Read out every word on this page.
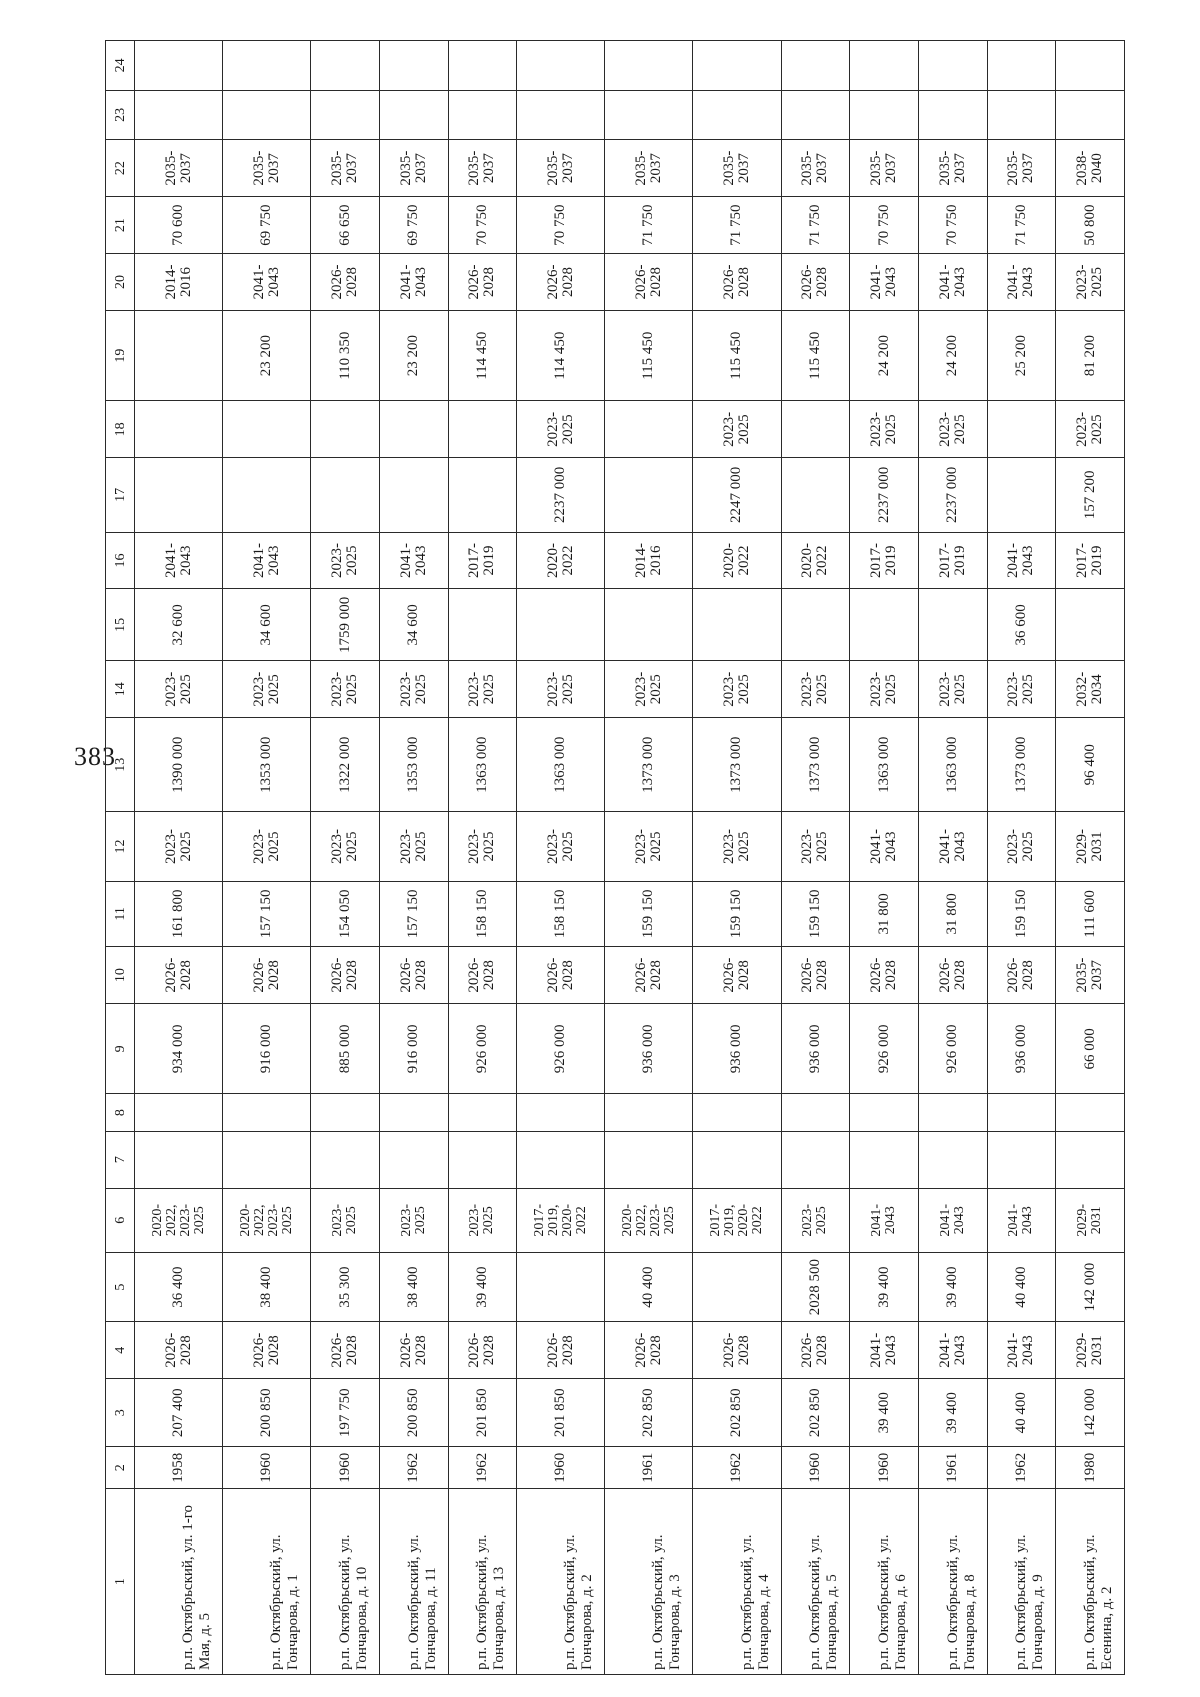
383
1	2	3	4	5	6	7	8	9	10	11	12	13	14	15	16	17	18	19	20	21	22	23	24
р.п. Октябрьский, ул. 1-го Мая, д. 5	1958	207 400	2026-2028	36 400	2020-2022, 2023-2025			934 000	2026-2028	161 800	2023-2025	1390 000	2023-2025	32 600	2041-2043				2014-2016	70 600	2035-2037		
р.п. Октябрьский, ул. Гончарова, д. 1	1960	200 850	2026-2028	38 400	2020-2022, 2023-2025			916 000	2026-2028	157 150	2023-2025	1353 000	2023-2025	34 600	2041-2043			23 200	2041-2043	69 750	2035-2037		
р.п. Октябрьский, ул. Гончарова, д. 10	1960	197 750	2026-2028	35 300	2023-2025			885 000	2026-2028	154 050	2023-2025	1322 000	2023-2025	1759 000	2023-2025			110 350	2026-2028	66 650	2035-2037		
р.п. Октябрьский, ул. Гончарова, д. 11	1962	200 850	2026-2028	38 400	2023-2025			916 000	2026-2028	157 150	2023-2025	1353 000	2023-2025	34 600	2041-2043			23 200	2041-2043	69 750	2035-2037		
р.п. Октябрьский, ул. Гончарова, д. 13	1962	201 850	2026-2028	39 400	2023-2025			926 000	2026-2028	158 150	2023-2025	1363 000	2023-2025		2017-2019			114 450	2026-2028	70 750	2035-2037		
р.п. Октябрьский, ул. Гончарова, д. 2	1960	201 850	2026-2028		2017-2019, 2020-2022			926 000	2026-2028	158 150	2023-2025	1363 000	2023-2025		2020-2022	2237 000	2023-2025	114 450	2026-2028	70 750	2035-2037		
р.п. Октябрьский, ул. Гончарова, д. 3	1961	202 850	2026-2028	40 400	2020-2022, 2023-2025			936 000	2026-2028	159 150	2023-2025	1373 000	2023-2025		2014-2016			115 450	2026-2028	71 750	2035-2037		
р.п. Октябрьский, ул. Гончарова, д. 4	1962	202 850	2026-2028		2017-2019, 2020-2022			936 000	2026-2028	159 150	2023-2025	1373 000	2023-2025		2020-2022	2247 000	2023-2025	115 450	2026-2028	71 750	2035-2037		
р.п. Октябрьский, ул. Гончарова, д. 5	1960	202 850	2026-2028	2028 500	2023-2025			936 000	2026-2028	159 150	2023-2025	1373 000	2023-2025		2020-2022			115 450	2026-2028	71 750	2035-2037		
р.п. Октябрьский, ул. Гончарова, д. 6	1960	39 400	2041-2043	39 400	2041-2043			926 000	2026-2028	31 800	2041-2043	1363 000	2023-2025		2017-2019	2237 000	2023-2025	24 200	2041-2043	70 750	2035-2037		
р.п. Октябрьский, ул. Гончарова, д. 8	1961	39 400	2041-2043	39 400	2041-2043			926 000	2026-2028	31 800	2041-2043	1363 000	2023-2025		2017-2019	2237 000	2023-2025	24 200	2041-2043	70 750	2035-2037		
р.п. Октябрьский, ул. Гончарова, д. 9	1962	40 400	2041-2043	40 400	2041-2043			936 000	2026-2028	159 150	2023-2025	1373 000	2023-2025	36 600	2041-2043			25 200	2041-2043	71 750	2035-2037		
р.п. Октябрьский, ул. Есенина, д. 2	1980	142 000	2029-2031	142 000	2029-2031			66 000	2035-2037	111 600	2029-2031	96 400	2032-2034		2017-2019	157 200	2023-2025	81 200	2023-2025	50 800	2038-2040		
